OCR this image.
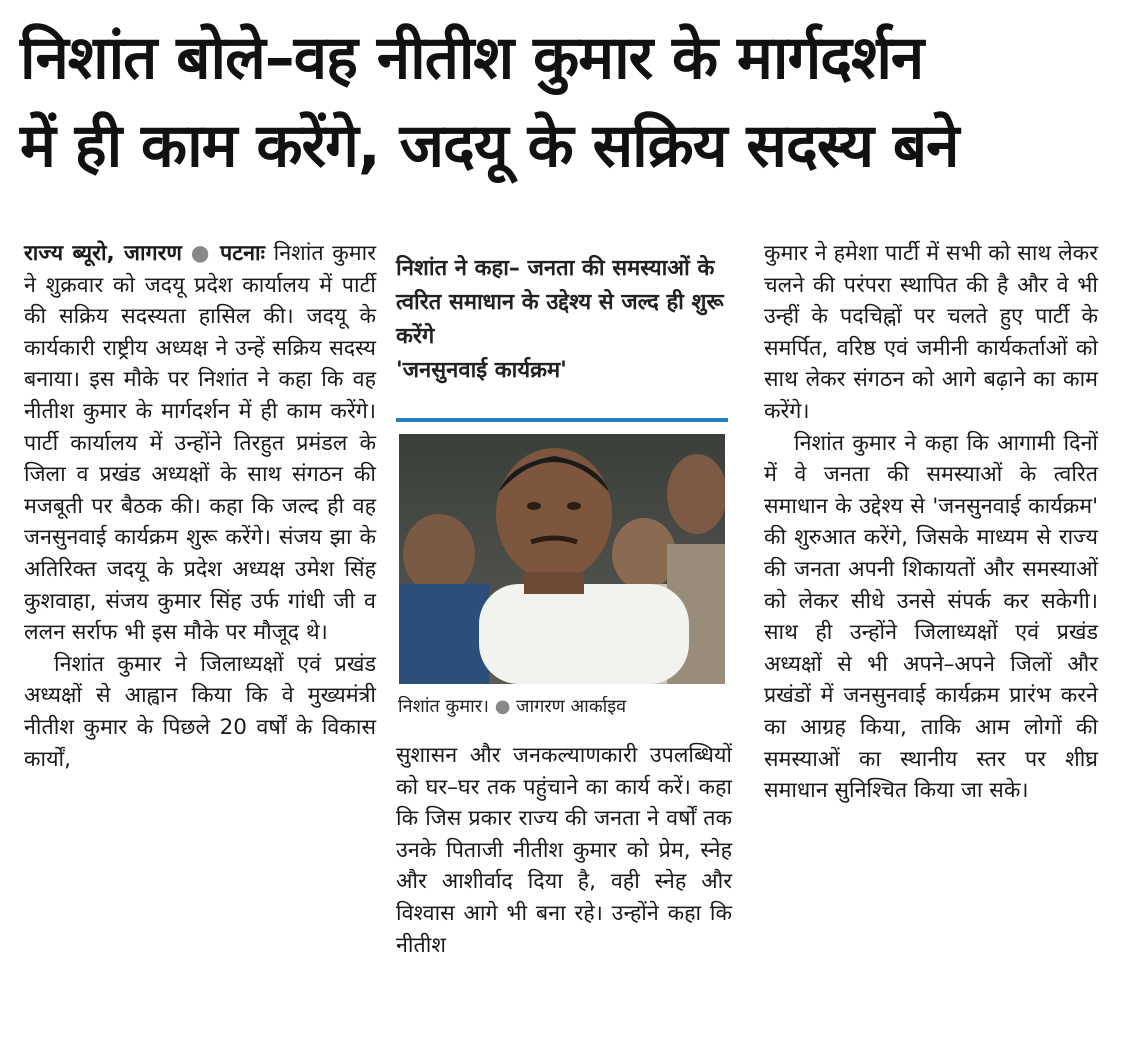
निशांत बोले–वह नीतीश कुमार के मार्गदर्शन
में ही काम करेंगे, जदयू के सक्रिय सदस्य बने

राज्य ब्यूरो, जागरण ● पटनाः निशांत कुमार ने शुक्रवार को जदयू प्रदेश कार्यालय में पार्टी की सक्रिय सदस्यता हासिल की। जदयू के कार्यकारी राष्ट्रीय अध्यक्ष ने उन्हें सक्रिय सदस्य बनाया। इस मौके पर निशांत ने कहा कि वह नीतीश कुमार के मार्गदर्शन में ही काम करेंगे। पार्टी कार्यालय में उन्होंने तिरहुत प्रमंडल के जिला व प्रखंड अध्यक्षों के साथ संगठन की मजबूती पर बैठक की। कहा कि जल्द ही वह जनसुनवाई कार्यक्रम शुरू करेंगे। संजय झा के अतिरिक्त जदयू के प्रदेश अध्यक्ष उमेश सिंह कुशवाहा, संजय कुमार सिंह उर्फ गांधी जी व ललन सर्राफ भी इस मौके पर मौजूद थे।

निशांत कुमार ने जिलाध्यक्षों एवं प्रखंड अध्यक्षों से आह्वान किया कि वे मुख्यमंत्री नीतीश कुमार के पिछले 20 वर्षों के विकास कार्यों,

निशांत ने कहा– जनता की समस्याओं के त्वरित समाधान के उद्देश्य से जल्द ही शुरू करेंगे
'जनसुनवाई कार्यक्रम'
निशांत कुमार। ● जागरण आर्काइव

सुशासन और जनकल्याणकारी उपलब्धियों को घर–घर तक पहुंचाने का कार्य करें। कहा कि जिस प्रकार राज्य की जनता ने वर्षों तक उनके पिताजी नीतीश कुमार को प्रेम, स्नेह और आशीर्वाद दिया है, वही स्नेह और विश्वास आगे भी बना रहे। उन्होंने कहा कि नीतीश

कुमार ने हमेशा पार्टी में सभी को साथ लेकर चलने की परंपरा स्थापित की है और वे भी उन्हीं के पदचिह्नों पर चलते हुए पार्टी के समर्पित, वरिष्ठ एवं जमीनी कार्यकर्ताओं को साथ लेकर संगठन को आगे बढ़ाने का काम करेंगे।

निशांत कुमार ने कहा कि आगामी दिनों में वे जनता की समस्याओं के त्वरित समाधान के उद्देश्य से 'जनसुनवाई कार्यक्रम' की शुरुआत करेंगे, जिसके माध्यम से राज्य की जनता अपनी शिकायतों और समस्याओं को लेकर सीधे उनसे संपर्क कर सकेगी। साथ ही उन्होंने जिलाध्यक्षों एवं प्रखंड अध्यक्षों से भी अपने–अपने जिलों और प्रखंडों में जनसुनवाई कार्यक्रम प्रारंभ करने का आग्रह किया, ताकि आम लोगों की समस्याओं का स्थानीय स्तर पर शीघ्र समाधान सुनिश्चित किया जा सके।
